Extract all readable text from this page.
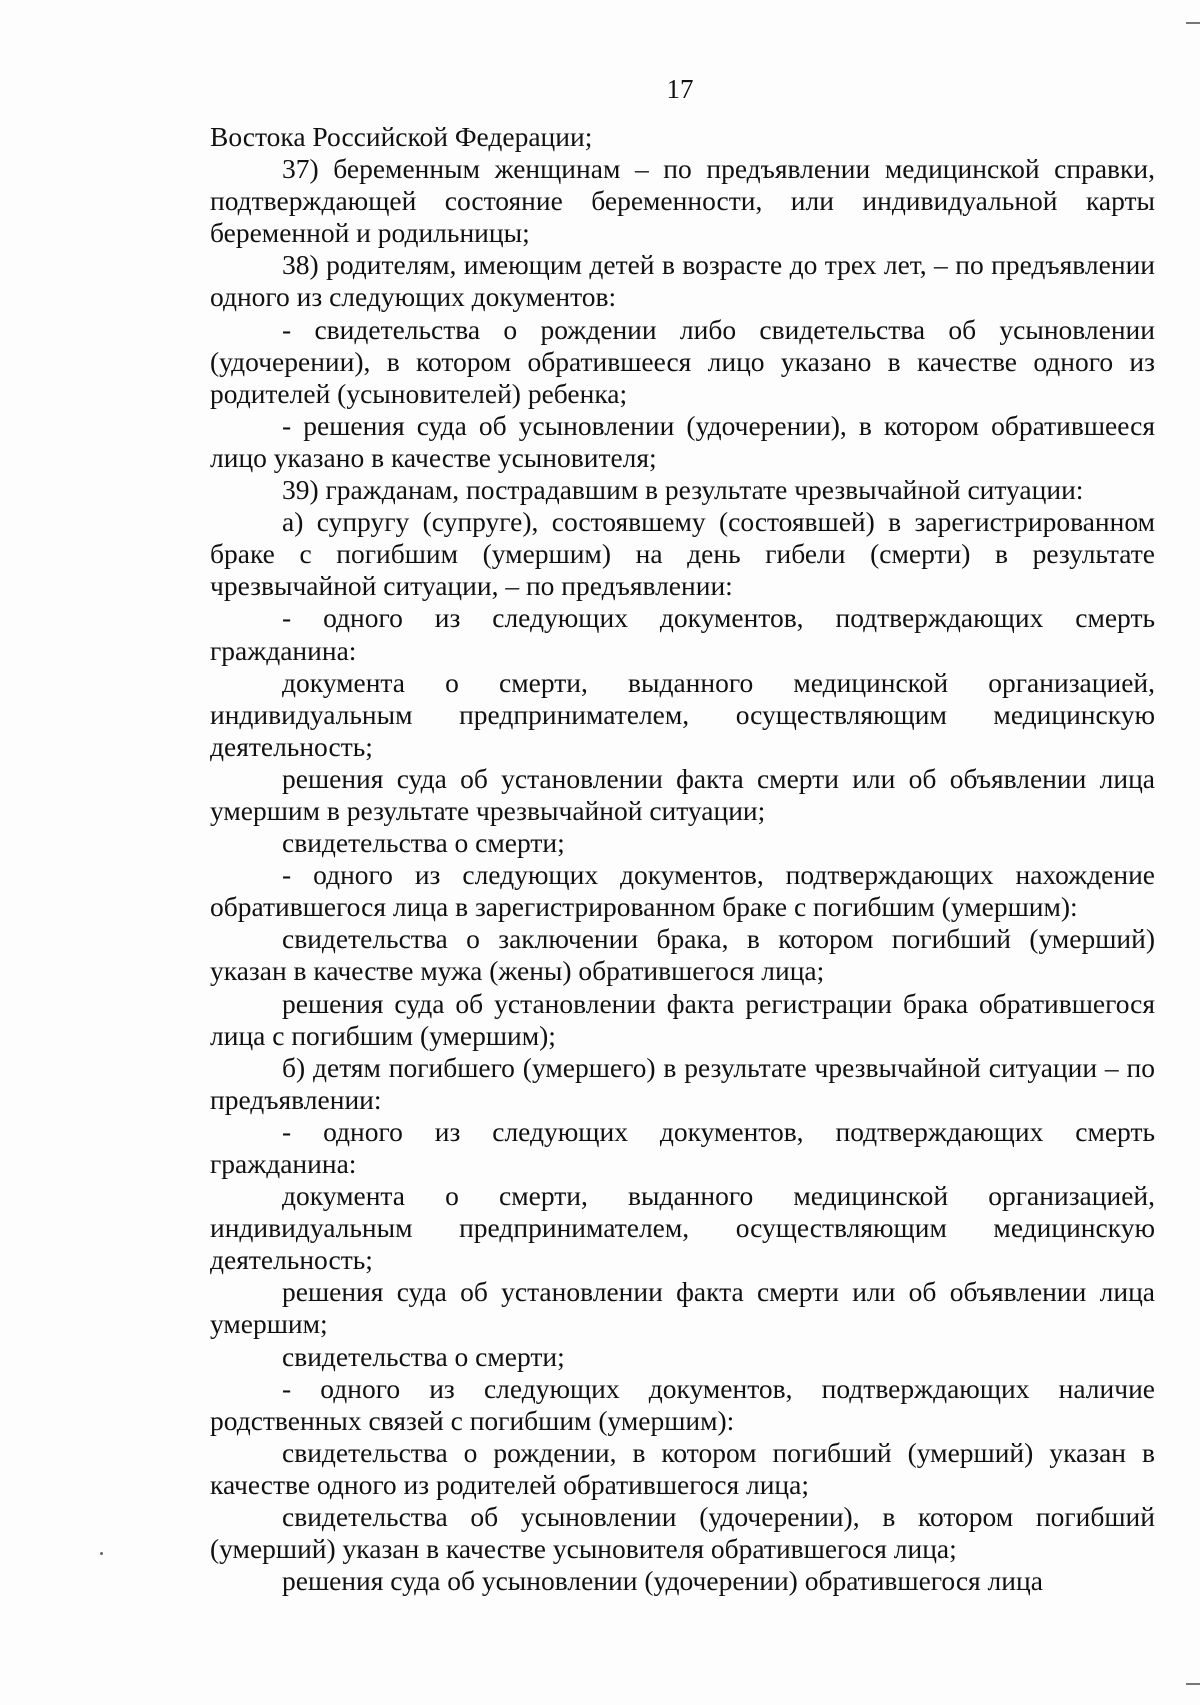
17

Востока Российской Федерации;

37) беременным женщинам – по предъявлении медицинской справки, подтверждающей состояние беременности, или индивидуальной карты беременной и родильницы;

38) родителям, имеющим детей в возрасте до трех лет, – по предъявлении одного из следующих документов:

- свидетельства о рождении либо свидетельства об усыновлении (удочерении), в котором обратившееся лицо указано в качестве одного из родителей (усыновителей) ребенка;

- решения суда об усыновлении (удочерении), в котором обратившееся лицо указано в качестве усыновителя;

39) гражданам, пострадавшим в результате чрезвычайной ситуации:

а) супругу (супруге), состоявшему (состоявшей) в зарегистрированном браке с погибшим (умершим) на день гибели (смерти) в результате чрезвычайной ситуации, – по предъявлении:

- одного из следующих документов, подтверждающих смерть гражданина:

документа о смерти, выданного медицинской организацией, индивидуальным предпринимателем, осуществляющим медицинскую деятельность;

решения суда об установлении факта смерти или об объявлении лица умершим в результате чрезвычайной ситуации;

свидетельства о смерти;

- одного из следующих документов, подтверждающих нахождение обратившегося лица в зарегистрированном браке с погибшим (умершим):

свидетельства о заключении брака, в котором погибший (умерший) указан в качестве мужа (жены) обратившегося лица;

решения суда об установлении факта регистрации брака обратившегося лица с погибшим (умершим);

б) детям погибшего (умершего) в результате чрезвычайной ситуации – по предъявлении:

- одного из следующих документов, подтверждающих смерть гражданина:

документа о смерти, выданного медицинской организацией, индивидуальным предпринимателем, осуществляющим медицинскую деятельность;

решения суда об установлении факта смерти или об объявлении лица умершим;

свидетельства о смерти;

- одного из следующих документов, подтверждающих наличие родственных связей с погибшим (умершим):

свидетельства о рождении, в котором погибший (умерший) указан в качестве одного из родителей обратившегося лица;

свидетельства об усыновлении (удочерении), в котором погибший (умерший) указан в качестве усыновителя обратившегося лица;

решения суда об усыновлении (удочерении) обратившегося лица
